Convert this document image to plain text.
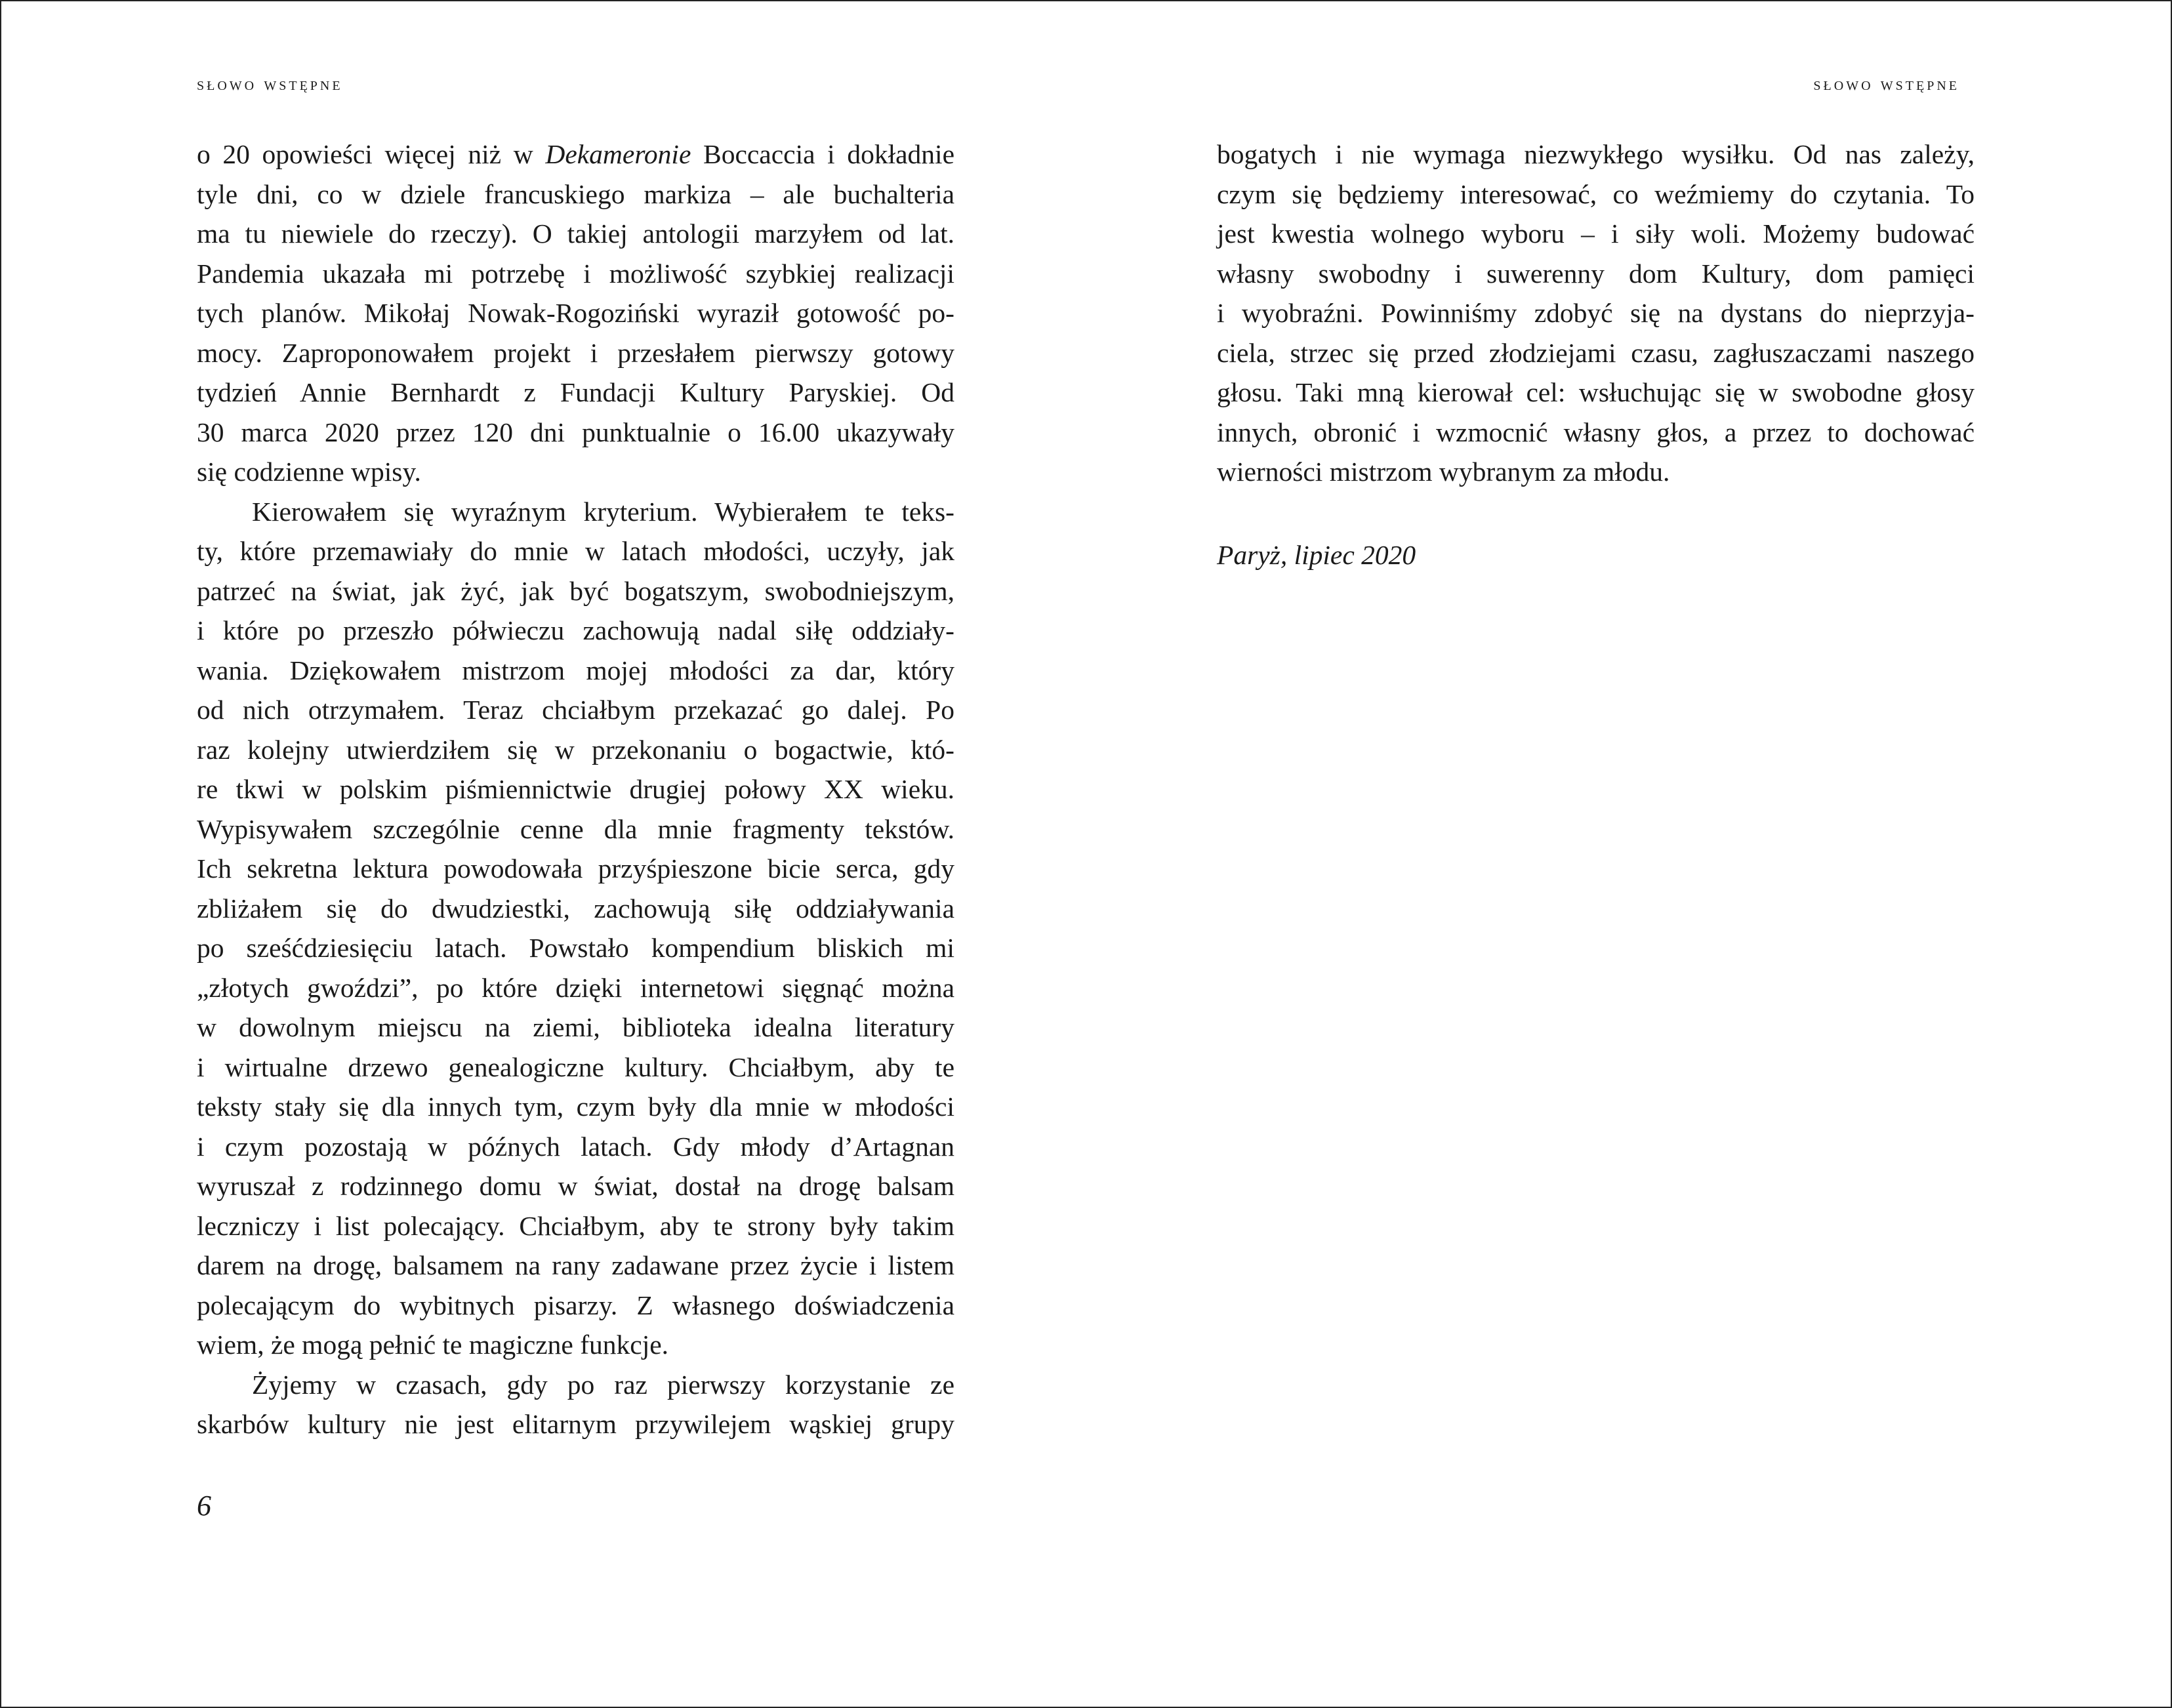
słowo wstępne
o 20 opowieści więcej niż w Dekameronie Boccaccia i dokładnie
tyle dni, co w dziele francuskiego markiza – ale buchalteria
ma tu niewiele do rzeczy). O takiej antologii marzyłem od lat.
Pandemia ukazała mi potrzebę i możliwość szybkiej realizacji
tych planów. Mikołaj Nowak-Rogoziński wyraził gotowość po-
mocy. Zaproponowałem projekt i przesłałem pierwszy gotowy
tydzień Annie Bernhardt z Fundacji Kultury Paryskiej. Od
30 marca 2020 przez 120 dni punktualnie o 16.00 ukazywały
się codzienne wpisy.
Kierowałem się wyraźnym kryterium. Wybierałem te teks-
ty, które przemawiały do mnie w latach młodości, uczyły, jak
patrzeć na świat, jak żyć, jak być bogatszym, swobodniejszym,
i które po przeszło półwieczu zachowują nadal siłę oddziały-
wania. Dziękowałem mistrzom mojej młodości za dar, który
od nich otrzymałem. Teraz chciałbym przekazać go dalej. Po
raz kolejny utwierdziłem się w przekonaniu o bogactwie, któ-
re tkwi w polskim piśmiennictwie drugiej połowy XX wieku.
Wypisywałem szczególnie cenne dla mnie fragmenty tekstów.
Ich sekretna lektura powodowała przyśpieszone bicie serca, gdy
zbliżałem się do dwudziestki, zachowują siłę oddziaływania
po sześćdziesięciu latach. Powstało kompendium bliskich mi
„złotych gwoździ”, po które dzięki internetowi sięgnąć można
w dowolnym miejscu na ziemi, biblioteka idealna literatury
i wirtualne drzewo genealogiczne kultury. Chciałbym, aby te
teksty stały się dla innych tym, czym były dla mnie w młodości
i czym pozostają w późnych latach. Gdy młody d’Artagnan
wyruszał z rodzinnego domu w świat, dostał na drogę balsam
leczniczy i list polecający. Chciałbym, aby te strony były takim
darem na drogę, balsamem na rany zadawane przez życie i listem
polecającym do wybitnych pisarzy. Z własnego doświadczenia
wiem, że mogą pełnić te magiczne funkcje.
Żyjemy w czasach, gdy po raz pierwszy korzystanie ze
skarbów kultury nie jest elitarnym przywilejem wąskiej grupy
6
słowo wstępne
bogatych i nie wymaga niezwykłego wysiłku. Od nas zależy,
czym się będziemy interesować, co weźmiemy do czytania. To
jest kwestia wolnego wyboru – i siły woli. Możemy budować
własny swobodny i suwerenny dom Kultury, dom pamięci
i wyobraźni. Powinniśmy zdobyć się na dystans do nieprzyja-
ciela, strzec się przed złodziejami czasu, zagłuszaczami naszego
głosu. Taki mną kierował cel: wsłuchując się w swobodne głosy
innych, obronić i wzmocnić własny głos, a przez to dochować
wierności mistrzom wybranym za młodu.
Paryż, lipiec 2020
